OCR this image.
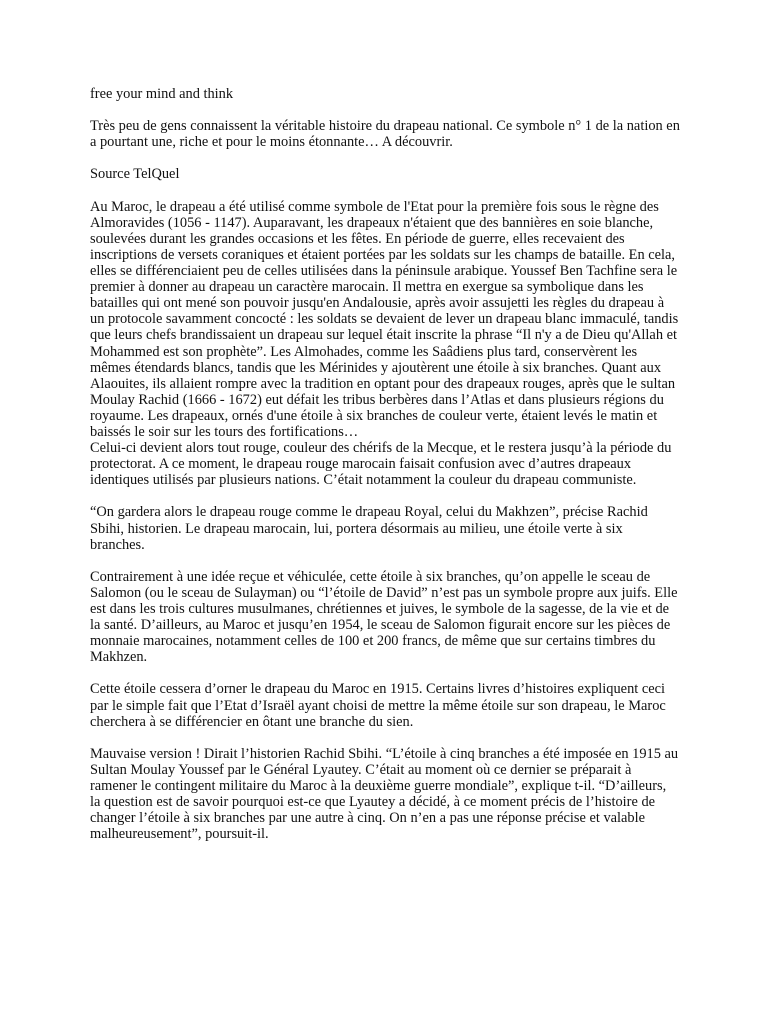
free your mind and think

Très peu de gens connaissent la véritable histoire du drapeau national. Ce symbole n° 1 de la nation en a pourtant une, riche et pour le moins étonnante… A découvrir.

Source TelQuel

Au Maroc, le drapeau a été utilisé comme symbole de l'Etat pour la première fois sous le règne des Almoravides (1056 - 1147). Auparavant, les drapeaux n'étaient que des bannières en soie blanche, soulevées durant les grandes occasions et les fêtes. En période de guerre, elles recevaient des inscriptions de versets coraniques et étaient portées par les soldats sur les champs de bataille. En cela, elles se différenciaient peu de celles utilisées dans la péninsule arabique. Youssef Ben Tachfine sera le premier à donner au drapeau un caractère marocain. Il mettra en exergue sa symbolique dans les batailles qui ont mené son pouvoir jusqu'en Andalousie, après avoir assujetti les règles du drapeau à un protocole savamment concocté : les soldats se devaient de lever un drapeau blanc immaculé, tandis que leurs chefs brandissaient un drapeau sur lequel était inscrite la phrase “Il n'y a de Dieu qu'Allah et Mohammed est son prophète”. Les Almohades, comme les Saâdiens plus tard, conservèrent les mêmes étendards blancs, tandis que les Mérinides y ajoutèrent une étoile à six branches. Quant aux Alaouites, ils allaient rompre avec la tradition en optant pour des drapeaux rouges, après que le sultan Moulay Rachid (1666 - 1672) eut défait les tribus berbères dans l’Atlas et dans plusieurs régions du royaume. Les drapeaux, ornés d'une étoile à six branches de couleur verte, étaient levés le matin et baissés le soir sur les tours des fortifications…

Celui-ci devient alors tout rouge, couleur des chérifs de la Mecque, et le restera jusqu’à la période du protectorat. A ce moment, le drapeau rouge marocain faisait confusion avec d’autres drapeaux identiques utilisés par plusieurs nations. C’était notamment la couleur du drapeau communiste.

“On gardera alors le drapeau rouge comme le drapeau Royal, celui du Makhzen”, précise Rachid Sbihi, historien. Le drapeau marocain, lui, portera désormais au milieu, une étoile verte à six branches.

Contrairement à une idée reçue et véhiculée, cette étoile à six branches, qu’on appelle le sceau de Salomon (ou le sceau de Sulayman) ou “l’étoile de David” n’est pas un symbole propre aux juifs. Elle est dans les trois cultures musulmanes, chrétiennes et juives, le symbole de la sagesse, de la vie et de la santé. D’ailleurs, au Maroc et jusqu’en 1954, le sceau de Salomon figurait encore sur les pièces de monnaie marocaines, notamment celles de 100 et 200 francs, de même que sur certains timbres du Makhzen.

Cette étoile cessera d’orner le drapeau du Maroc en 1915. Certains livres d’histoires expliquent ceci par le simple fait que l’Etat d’Israël ayant choisi de mettre la même étoile sur son drapeau, le Maroc cherchera à se différencier en ôtant une branche du sien.

Mauvaise version ! Dirait l’historien Rachid Sbihi. “L’étoile à cinq branches a été imposée en 1915 au Sultan Moulay Youssef par le Général Lyautey. C’était au moment où ce dernier se préparait à ramener le contingent militaire du Maroc à la deuxième guerre mondiale”, explique t-il. “D’ailleurs, la question est de savoir pourquoi est-ce que Lyautey a décidé, à ce moment précis de l’histoire de changer l’étoile à six branches par une autre à cinq. On n’en a pas une réponse précise et valable malheureusement”, poursuit-il.
